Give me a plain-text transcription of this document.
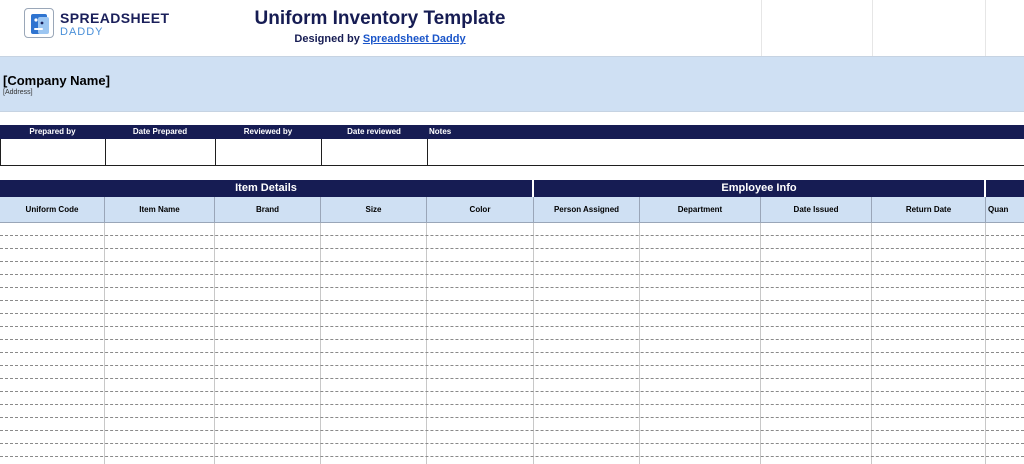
SPREADSHEET
DADDY
Uniform Inventory Template
Designed by Spreadsheet Daddy
[Company Name]
[Address]
Prepared by	Date Prepared	Reviewed by	Date reviewed	Notes
Item Details	Employee Info
Uniform Code	Item Name	Brand	Size	Color	Person Assigned	Department	Date Issued	Return Date	Quan
